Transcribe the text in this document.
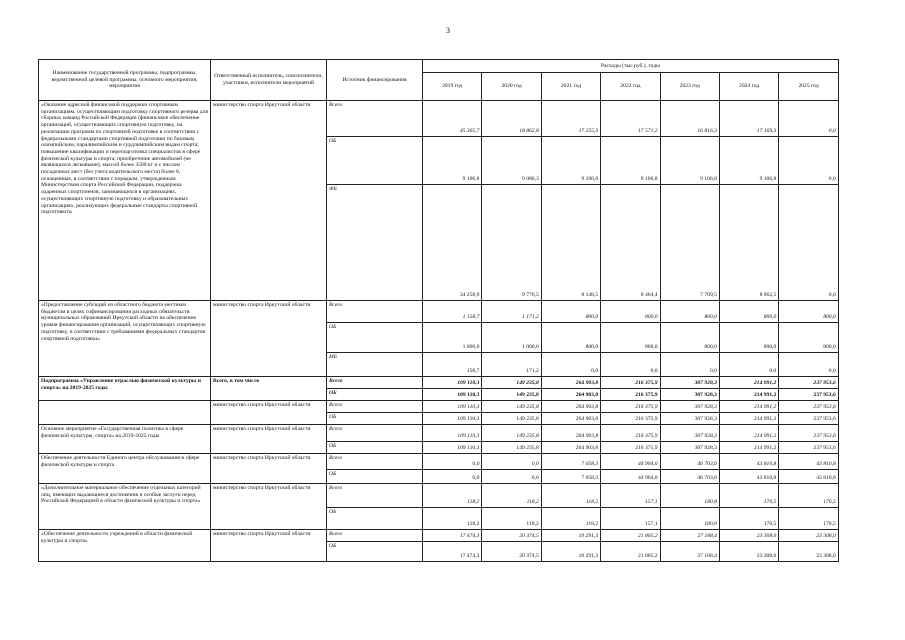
3
Наименование государственной программы, подпрограммы, ведомственной целевой программы, основного мероприятия, мероприятия	Ответственный исполнитель, соисполнители, участники, исполнители мероприятий	Источник финансирования	Расходы (тыс.руб.), годы						
			2019 год	2020 год	2021 год	2022 год	2023 год	2024 год	2025 год
«Оказание адресной финансовой поддержки спортивным организациям, осуществляющим подготовку спортивного резерва для сборных команд Российской Федерации (финансовое обеспечение организаций, осуществляющих спортивную подготовку, на реализацию программ по спортивной подготовке в соответствии с федеральными стандартами спортивной подготовки по базовым олимпийским, паралимпийским и сурдлимпийским видам спорта; повышение квалификации и переподготовка специалистов в сфере физической культуры и спорта; приобретение автомобилей (не являющихся легковыми), массой более 3500 кг и с числом посадочных мест (без учета водительского места) более 8, оснащенные, в соответствии с порядком, утвержденным Министерством спорта Российской Федерации, поддержка одаренных спортсменов, занимающихся в организациях, осуществляющих спортивную подготовку и образовательных организациях, реализующих федеральные стандарты спортивной подготовки)»	министерство спорта Иркутской области	Всего	45 365,7	18 862,8	17 255,3	17 571,2	16 816,3	17 169,3	0,0
		ОБ	9 106,8	9 086,3	9 106,8	9 106,8	9 106,8	9 106,8	0,0
		ФБ	34 258,9	9 776,5	8 148,5	8 464,4	7 709,5	8 062,5	0,0
«Предоставление субсидий из областного бюджета местным бюджетам в целях софинансирования расходных обязательств муниципальных образований Иркутской области на обеспечение уровня финансирования организаций, осуществляющих спортивную подготовку, в соответствии с требованиями федеральных стандартов спортивной подготовки»	министерство спорта Иркутской области	Всего	1 158,7	1 171,2	800,0	800,0	800,0	800,0	800,0
		ОБ	1 000,0	1 000,0	800,0	800,0	800,0	800,0	800,0
		МБ	158,7	171,2	0,0	0,0	0,0	0,0	0,0
Подпрограмма «Управление отраслью физической культуры и спорта» на 2019-2025 годы	Всего, в том числе	Всего	109 110,3	149 235,8	264 903,8	216 375,9	307 928,3	214 991,2	237 953,6
		ОБ	109 110,3	149 235,8	264 903,8	216 375,9	307 928,3	214 991,2	237 953,6
	министерство спорта Иркутской области	Всего	109 110,3	149 235,8	264 903,8	216 375,9	307 928,3	214 991,2	237 953,6
		ОБ	109 110,3	149 235,8	264 903,8	216 375,9	307 928,3	214 991,2	237 953,6
Основное мероприятие «Государственная политика в сфере физической культуры, спорта» на 2019-2025 годы	министерство спорта Иркутской области	Всего	109 110,3	149 235,8	264 903,8	216 375,9	307 928,3	214 991,2	237 953,6
		ОБ	109 110,3	149 235,8	264 903,8	216 375,9	307 928,3	214 991,2	237 953,6
Обеспечение деятельности Единого центра обслуживания в сфере физической культуры и спорта	министерство спорта Иркутской области	Всего	0,0	0,0	7 058,3	44 904,0	46 703,6	43 810,8	43 810,8
		ОБ	0,0	0,0	7 058,3	44 904,0	46 703,6	43 810,8	43 810,8
«Дополнительное материальное обеспечение отдельных категорий лиц, имеющих выдающиеся достижения и особые заслуги перед Российской Федерацией в области физической культуры и спорта»	министерство спорта Иркутской области	Всего	118,2	118,2	118,2	157,1	180,8	170,5	170,5
		ОБ	118,2	118,2	118,2	157,1	180,8	170,5	170,5
«Обеспечение деятельности учреждений в области физической культуры и спорта»	министерство спорта Иркутской области	Всего	17 474,3	20 374,5	19 291,3	21 805,2	27 188,4	23 308,0	23 308,0
		ОБ	17 474,3	20 374,5	19 291,3	21 805,2	27 188,4	23 308,0	23 308,0
